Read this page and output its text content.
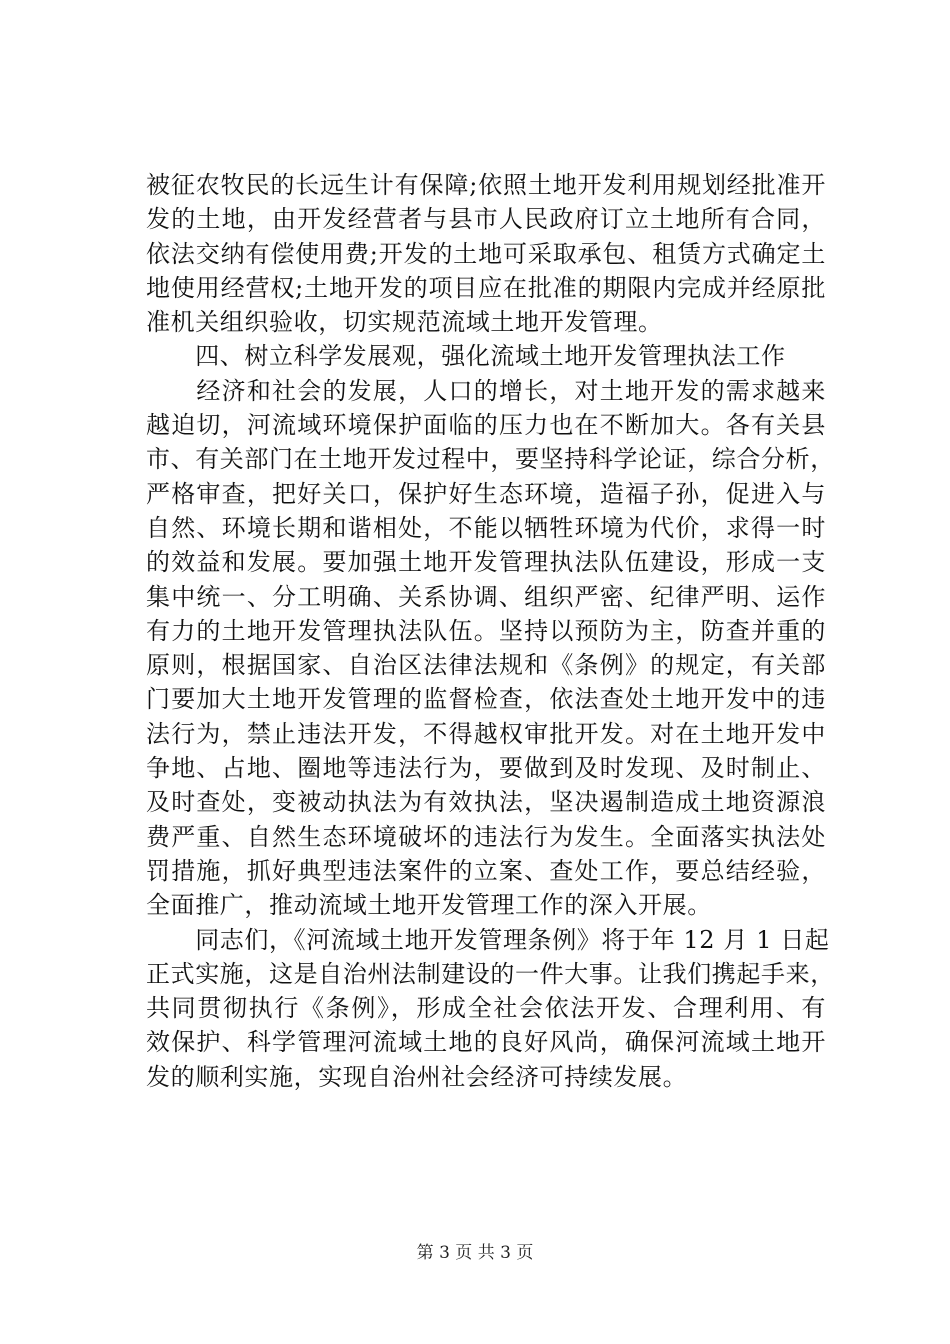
被征农牧民的长远生计有保障;依照土地开发利用规划经批准开
发的土地，由开发经营者与县市人民政府订立土地所有合同，
依法交纳有偿使用费;开发的土地可采取承包、租赁方式确定土
地使用经营权;土地开发的项目应在批准的期限内完成并经原批
准机关组织验收，切实规范流域土地开发管理。
　　四、树立科学发展观，强化流域土地开发管理执法工作
　　经济和社会的发展，人口的增长，对土地开发的需求越来
越迫切，河流域环境保护面临的压力也在不断加大。各有关县
市、有关部门在土地开发过程中，要坚持科学论证，综合分析，
严格审查，把好关口，保护好生态环境，造福子孙，促进入与
自然、环境长期和谐相处，不能以牺牲环境为代价，求得一时
的效益和发展。要加强土地开发管理执法队伍建设，形成一支
集中统一、分工明确、关系协调、组织严密、纪律严明、运作
有力的土地开发管理执法队伍。坚持以预防为主，防查并重的
原则，根据国家、自治区法律法规和《条例》的规定，有关部
门要加大土地开发管理的监督检查，依法查处土地开发中的违
法行为，禁止违法开发，不得越权审批开发。对在土地开发中
争地、占地、圈地等违法行为，要做到及时发现、及时制止、
及时查处，变被动执法为有效执法，坚决遏制造成土地资源浪
费严重、自然生态环境破坏的违法行为发生。全面落实执法处
罚措施，抓好典型违法案件的立案、查处工作，要总结经验，
全面推广，推动流域土地开发管理工作的深入开展。
　　同志们，《河流域土地开发管理条例》将于年 12 月 1 日起
正式实施，这是自治州法制建设的一件大事。让我们携起手来，
共同贯彻执行《条例》，形成全社会依法开发、合理利用、有
效保护、科学管理河流域土地的良好风尚，确保河流域土地开
发的顺利实施，实现自治州社会经济可持续发展。
第 3 页 共 3 页
